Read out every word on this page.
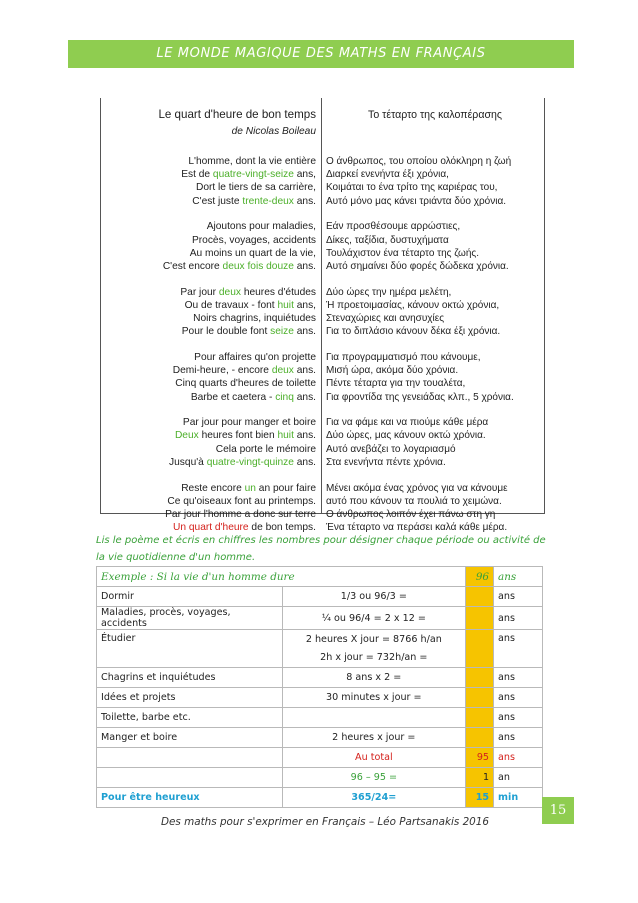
LE MONDE MAGIQUE DES MATHS EN FRANÇAIS
Le quart d'heure de bon temps
de Nicolas Boileau
L'homme, dont la vie entière
Est de quatre-vingt-seize ans,
Dort le tiers de sa carrière,
C'est juste trente-deux ans.
Ajoutons pour maladies,
Procès, voyages, accidents
Au moins un quart de la vie,
C'est encore deux fois douze ans.
Par jour deux heures d'études
Ou de travaux - font huit ans,
Noirs chagrins, inquiétudes
Pour le double font seize ans.
Pour affaires qu'on projette
Demi-heure, - encore deux ans.
Cinq quarts d'heures de toilette
Barbe et caetera - cinq ans.
Par jour pour manger et boire
Deux heures font bien huit ans.
Cela porte le mémoire
Jusqu'à quatre-vingt-quinze ans.
Reste encore un an pour faire
Ce qu'oiseaux font au printemps.
Par jour l'homme a donc sur terre
Un quart d'heure de bon temps.
Το τέταρτο της καλοπέρασης
Ο άνθρωπος, του οποίου ολόκληρη η ζωή
Διαρκεί ενενήντα έξι χρόνια,
Κοιμάται το ένα τρίτο της καριέρας του,
Αυτό μόνο μας κάνει τριάντα δύο χρόνια.
Εάν προσθέσουμε αρρώστιες,
Δίκες, ταξίδια, δυστυχήματα
Τουλάχιστον ένα τέταρτο της ζωής.
Αυτό σημαίνει δύο φορές δώδεκα χρόνια.
Δύο ώρες την ημέρα μελέτη,
Ή προετοιμασίας, κάνουν οκτώ χρόνια,
Στεναχώριες και ανησυχίες
Για το διπλάσιο κάνουν δέκα έξι χρόνια.
Για προγραμματισμό που κάνουμε,
Μισή ώρα, ακόμα δύο χρόνια.
Πέντε τέταρτα για την τουαλέτα,
Για φροντίδα της γενειάδας κλπ., 5 χρόνια.
Για να φάμε και να πιούμε κάθε μέρα
Δύο ώρες, μας κάνουν οκτώ χρόνια.
Αυτό ανεβάζει το λογαριασμό
Στα ενενήντα πέντε χρόνια.
Μένει ακόμα ένας χρόνος για να κάνουμε
αυτό που κάνουν τα πουλιά το χειμώνα.
Ο άνθρωπος λοιπόν έχει πάνω στη γη
Ένα τέταρτο να περάσει καλά κάθε μέρα.
Lis le poème et écris en chiffres les nombres pour désigner chaque période ou activité de la vie quotidienne d'un homme.
Exemple : Si la vie d'un homme dure		96	ans
Dormir	1/3 ou 96/3 =		ans
Maladies, procès, voyages, accidents	¼ ou 96/4 = 2 x 12 =		ans
Étudier	2 heures X jour = 8766 h/an
2h x jour = 732h/an =		ans
Chagrins et inquiétudes	8 ans x 2 =		ans
Idées et projets	30 minutes x jour =		ans
Toilette, barbe etc.			ans
Manger et boire	2 heures x jour =		ans
	Au total	95	ans
	96 – 95 =	1	an
Pour être heureux	365/24=	15	min
Des maths pour s'exprimer en Français – Léo Partsanakis 2016
15
